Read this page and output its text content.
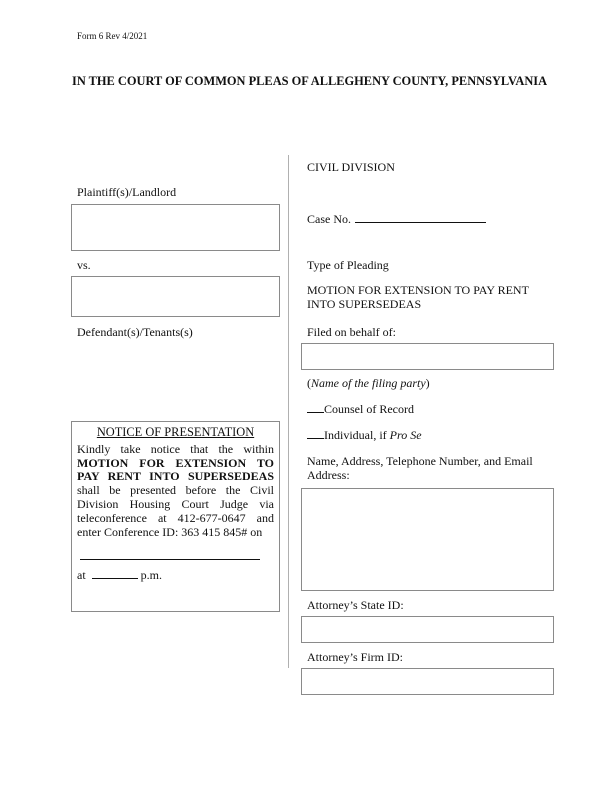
Form 6 Rev 4/2021
IN THE COURT OF COMMON PLEAS OF ALLEGHENY COUNTY, PENNSYLVANIA
Plaintiff(s)/Landlord
vs.
Defendant(s)/Tenants(s)
NOTICE OF PRESENTATION
Kindly take notice that the within MOTION FOR EXTENSION TO PAY RENT INTO SUPERSEDEAS shall be presented before the Civil Division Housing Court Judge via teleconference at 412-677-0647 and enter Conference ID: 363 415 845# on
at	p.m.
CIVIL DIVISION
Case No.
Type of Pleading
MOTION FOR EXTENSION TO PAY RENT INTO SUPERSEDEAS
Filed on behalf of:
(Name of the filing party)
Counsel of Record
Individual, if Pro Se
Name, Address, Telephone Number, and Email Address:
Attorney’s State ID:
Attorney’s Firm ID:
